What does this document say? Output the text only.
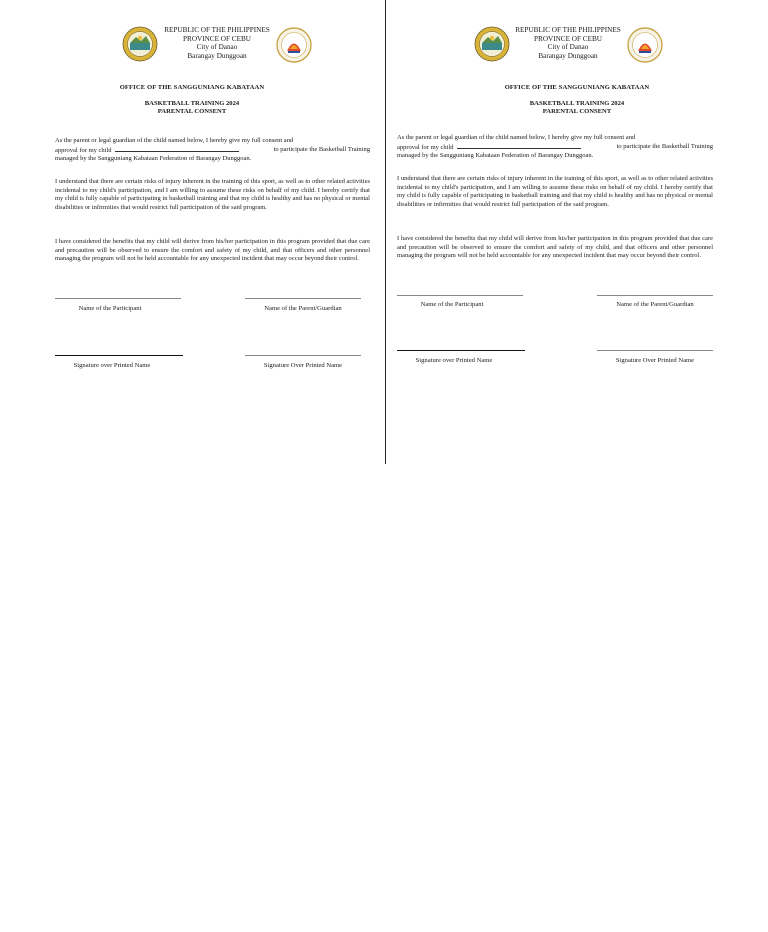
REPUBLIC OF THE PHILIPPINES
PROVINCE OF CEBU
City of Danao
Barangay Dunggoan
OFFICE OF THE SANGGUNIANG KABATAAN
BASKETBALL TRAINING 2024
PARENTAL CONSENT
As the parent or legal guardian of the child named below, I hereby give my full consent and
approval for my child	to participate the Basketball Training
managed by the Sangguniang Kabataan Federation of Barangay Dunggoan.
I understand that there are certain risks of injury inherent in the training of this sport, as well as to other related activities incidental to my child's participation, and I am willing to assume these risks on behalf of my child. I hereby certify that my child is fully capable of participating in basketball training and that my child is healthy and has no physical or mental disabilities or infirmities that would restrict full participation of the said program.
I have considered the benefits that my child will derive from his/her participation in this program provided that due care and precaution will be observed to ensure the comfort and safety of my child, and that officers and other personnel managing the program will not be held accountable for any unexpected incident that may occur beyond their control.
Name of the Participant	Name of the Parent/Guardian
Signature over Printed Name	Signature Over Printed Name
REPUBLIC OF THE PHILIPPINES
PROVINCE OF CEBU
City of Danao
Barangay Dunggoan
OFFICE OF THE SANGGUNIANG KABATAAN
BASKETBALL TRAINING 2024
PARENTAL CONSENT
As the parent or legal guardian of the child named below, I hereby give my full consent and
approval for my child	to participate the Basketball Training
managed by the Sangguniang Kabataan Federation of Barangay Dunggoan.
I understand that there are certain risks of injury inherent in the training of this sport, as well as to other related activities incidental to my child's participation, and I am willing to assume these risks on behalf of my child. I hereby certify that my child is fully capable of participating in basketball training and that my child is healthy and has no physical or mental disabilities or infirmities that would restrict full participation of the said program.
I have considered the benefits that my child will derive from his/her participation in this program provided that due care and precaution will be observed to ensure the comfort and safety of my child, and that officers and other personnel managing the program will not be held accountable for any unexpected incident that may occur beyond their control.
Name of the Participant	Name of the Parent/Guardian
Signature over Printed Name	Signature Over Printed Name
